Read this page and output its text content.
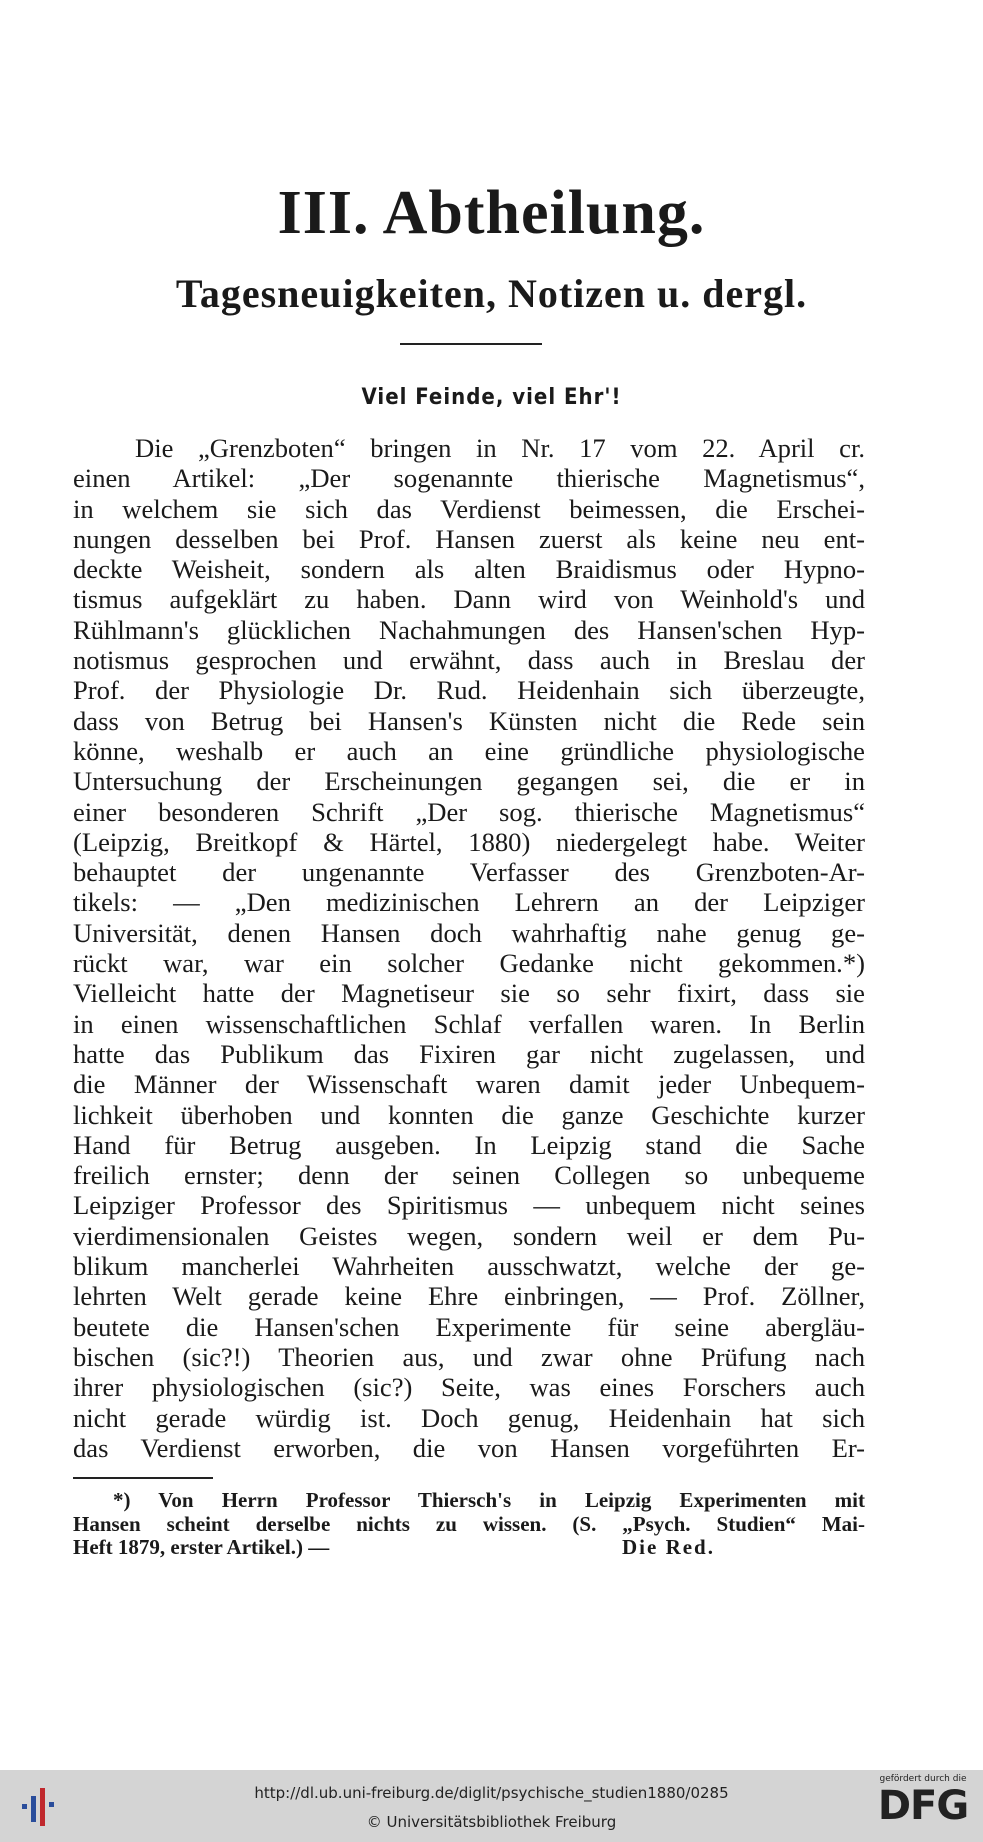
III. Abtheilung.
Tagesneuigkeiten, Notizen u. dergl.
Viel Feinde, viel Ehr'!
Die „Grenzboten“ bringen in Nr. 17 vom 22. April cr.
einen Artikel: „Der sogenannte thierische Magnetismus“,
in welchem sie sich das Verdienst beimessen, die Erschei-
nungen desselben bei Prof. Hansen zuerst als keine neu ent-
deckte Weisheit, sondern als alten Braidismus oder Hypno-
tismus aufgeklärt zu haben. Dann wird von Weinhold's und
Rühlmann's glücklichen Nachahmungen des Hansen'schen Hyp-
notismus gesprochen und erwähnt, dass auch in Breslau der
Prof. der Physiologie Dr. Rud. Heidenhain sich überzeugte,
dass von Betrug bei Hansen's Künsten nicht die Rede sein
könne, weshalb er auch an eine gründliche physiologische
Untersuchung der Erscheinungen gegangen sei, die er in
einer besonderen Schrift „Der sog. thierische Magnetismus“
(Leipzig, Breitkopf & Härtel, 1880) niedergelegt habe. Weiter
behauptet der ungenannte Verfasser des Grenzboten-Ar-
tikels: — „Den medizinischen Lehrern an der Leipziger
Universität, denen Hansen doch wahrhaftig nahe genug ge-
rückt war, war ein solcher Gedanke nicht gekommen.*)
Vielleicht hatte der Magnetiseur sie so sehr fixirt, dass sie
in einen wissenschaftlichen Schlaf verfallen waren. In Berlin
hatte das Publikum das Fixiren gar nicht zugelassen, und
die Männer der Wissenschaft waren damit jeder Unbequem-
lichkeit überhoben und konnten die ganze Geschichte kurzer
Hand für Betrug ausgeben. In Leipzig stand die Sache
freilich ernster; denn der seinen Collegen so unbequeme
Leipziger Professor des Spiritismus — unbequem nicht seines
vierdimensionalen Geistes wegen, sondern weil er dem Pu-
blikum mancherlei Wahrheiten ausschwatzt, welche der ge-
lehrten Welt gerade keine Ehre einbringen, — Prof. Zöllner,
beutete die Hansen'schen Experimente für seine abergläu-
bischen (sic?!) Theorien aus, und zwar ohne Prüfung nach
ihrer physiologischen (sic?) Seite, was eines Forschers auch
nicht gerade würdig ist. Doch genug, Heidenhain hat sich
das Verdienst erworben, die von Hansen vorgeführten Er-
*) Von Herrn Professor Thiersch's in Leipzig Experimenten mit
Hansen scheint derselbe nichts zu wissen. (S. „Psych. Studien“ Mai-
Heft 1879, erster Artikel.) —	Die Red.
http://dl.ub.uni-freiburg.de/diglit/psychische_studien1880/0285
© Universitätsbibliothek Freiburg
gefördert durch die
DFG
